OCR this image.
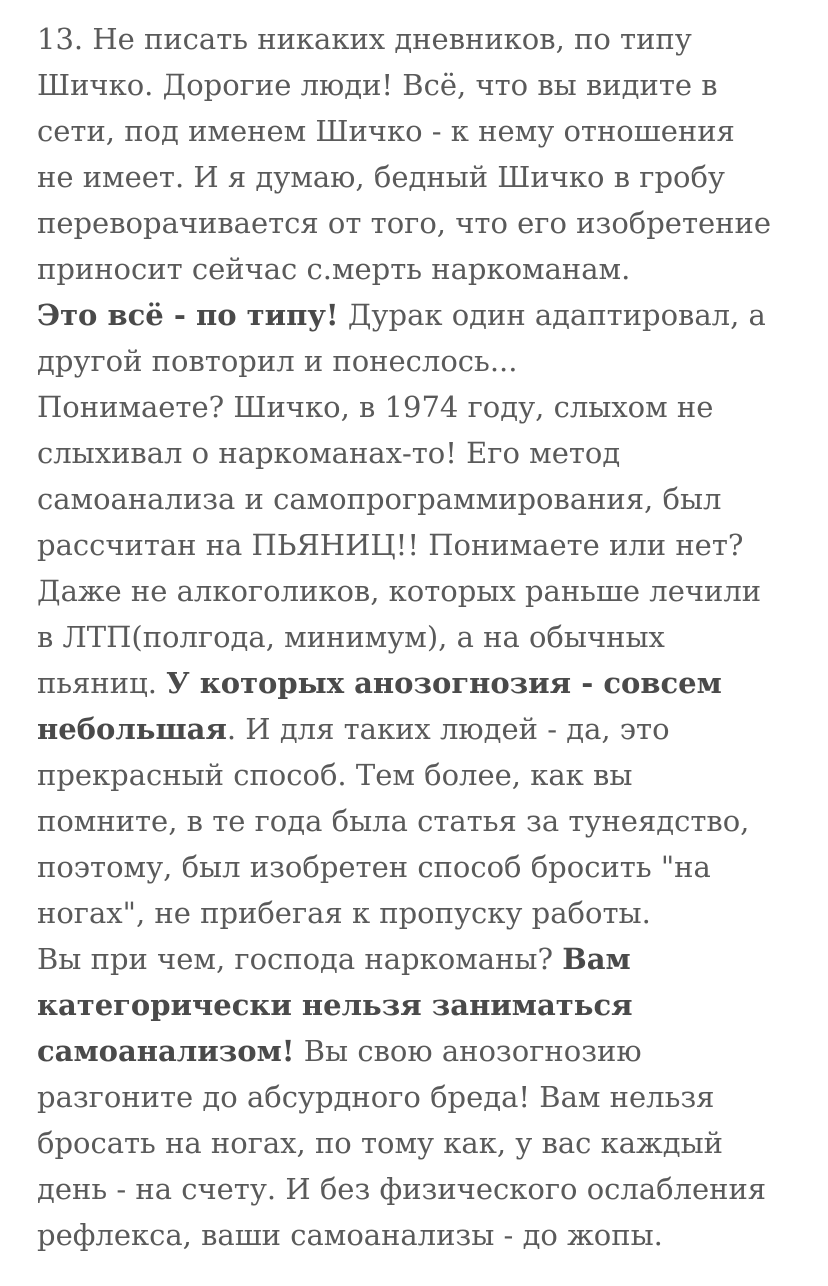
13. Не писать никаких дневников, по типу
Шичко. Дорогие люди! Всё, что вы видите в
сети, под именем Шичко - к нему отношения
не имеет. И я думаю, бедный Шичко в гробу
переворачивается от того, что его изобретение
приносит сейчас с.мерть наркоманам.
Это всё - по типу! Дурак один адаптировал, а
другой повторил и понеслось...
Понимаете? Шичко, в 1974 году, слыхом не
слыхивал о наркоманах-то! Его метод
самоанализа и самопрограммирования, был
рассчитан на ПЬЯНИЦ!! Понимаете или нет?
Даже не алкоголиков, которых раньше лечили
в ЛТП(полгода, минимум), а на обычных
пьяниц. У которых анозогнозия - совсем
небольшая. И для таких людей - да, это
прекрасный способ. Тем более, как вы
помните, в те года была статья за тунеядство,
поэтому, был изобретен способ бросить "на
ногах", не прибегая к пропуску работы.
Вы при чем, господа наркоманы? Вам
категорически нельзя заниматься
самоанализом! Вы свою анозогнозию
разгоните до абсурдного бреда! Вам нельзя
бросать на ногах, по тому как, у вас каждый
день - на счету. И без физического ослабления
рефлекса, ваши самоанализы - до жопы.
